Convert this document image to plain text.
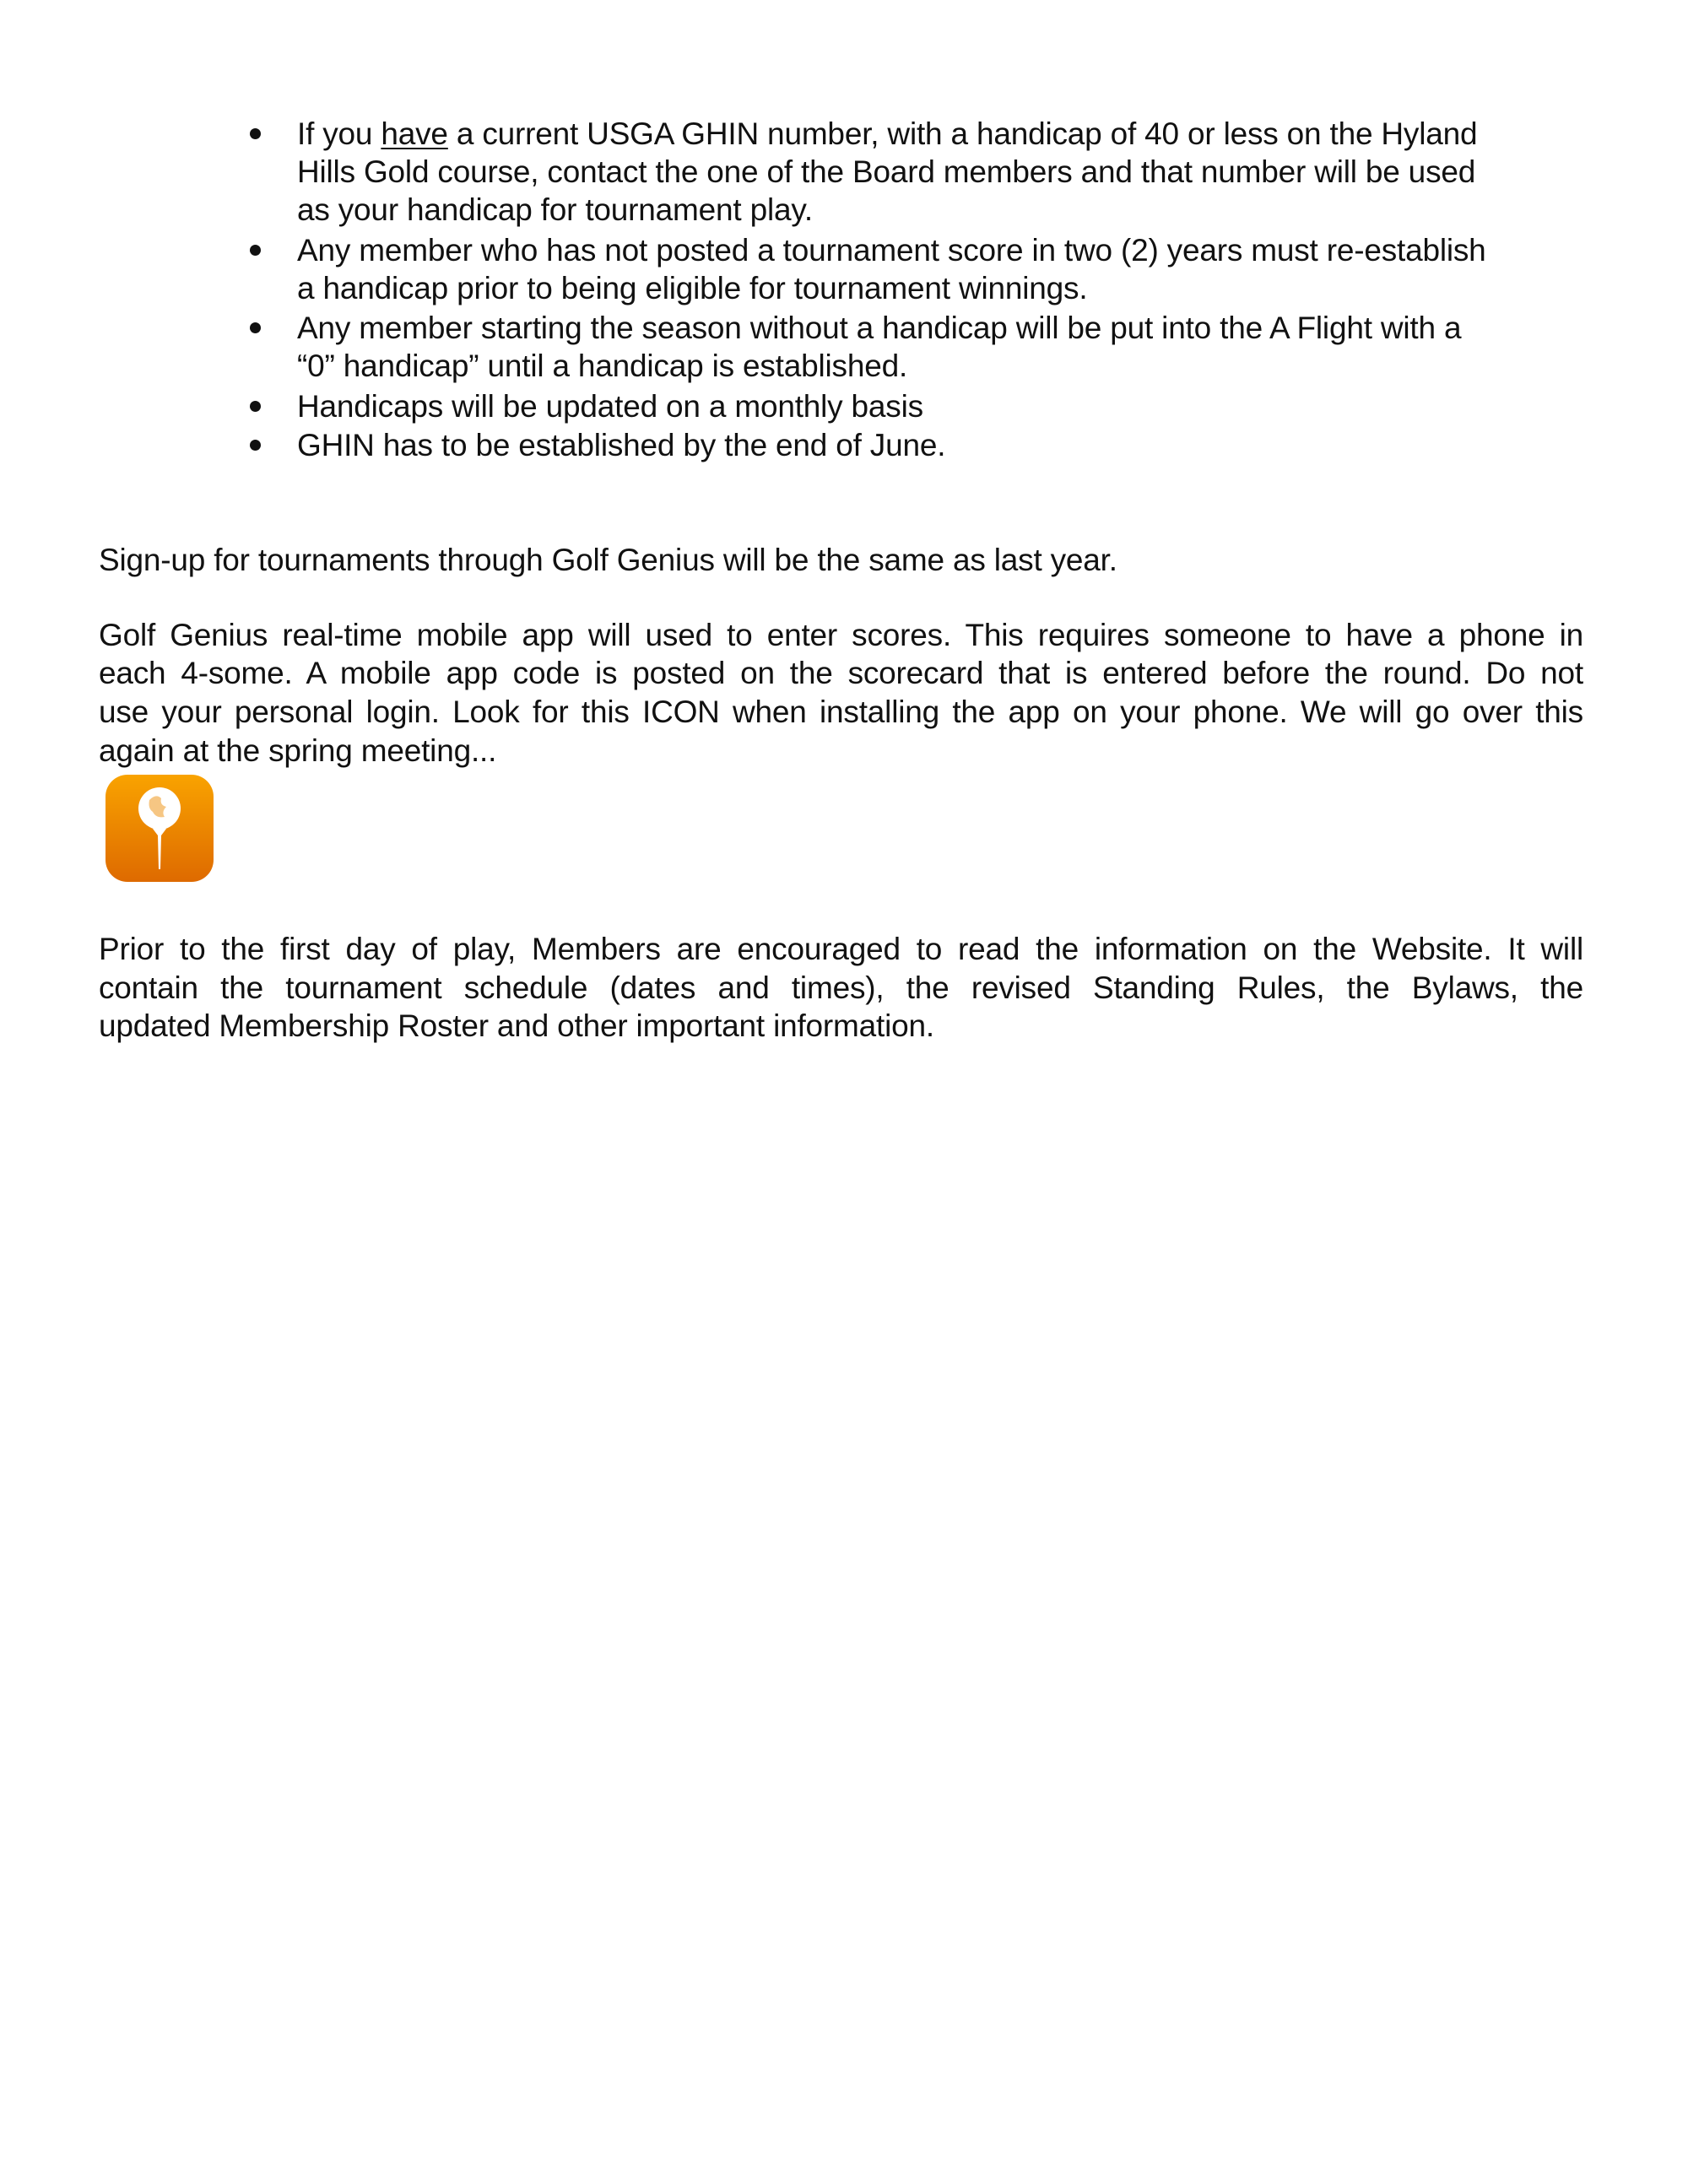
If you have a current USGA GHIN number, with a handicap of 40 or less on the Hyland
Hills Gold course, contact the one of the Board members and that number will be used
as your handicap for tournament play.
Any member who has not posted a tournament score in two (2) years must re-establish
a handicap prior to being eligible for tournament winnings.
Any member starting the season without a handicap will be put into the A Flight with a
“0” handicap” until a handicap is established.
Handicaps will be updated on a monthly basis
GHIN has to be established by the end of June.
Sign-up for tournaments through Golf Genius will be the same as last year.
Golf Genius real-time mobile app will used to enter scores. This requires someone to have a phone in
each 4-some. A mobile app code is posted on the scorecard that is entered before the round. Do not
use your personal login. Look for this ICON when installing the app on your phone. We will go over this
again at the spring meeting...
Prior to the first day of play, Members are encouraged to read the information on the Website. It will
contain the tournament schedule (dates and times), the revised Standing Rules, the Bylaws, the
updated Membership Roster and other important information.
